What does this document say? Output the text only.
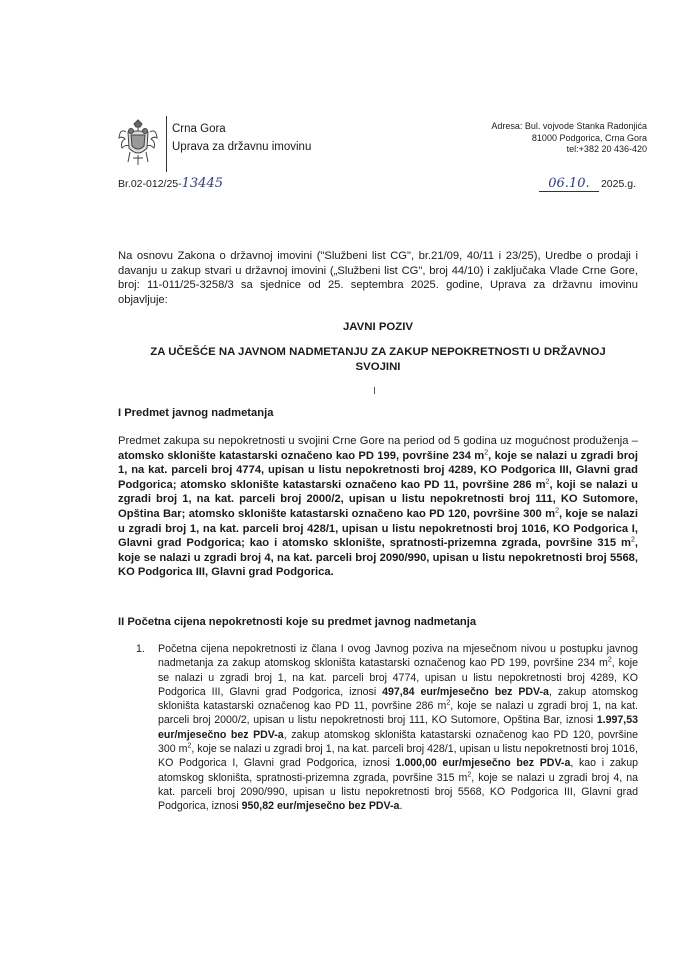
Crna Gora
Uprava za državnu imovinu
Adresa: Bul. vojvode Stanka Radonjića
81000 Podgorica, Crna Gora
tel:+382 20 436-420
Br.02-012/25-13445	06.10. 2025.g.
Na osnovu Zakona o državnoj imovini ("Službeni list CG", br.21/09, 40/11 i 23/25), Uredbe o prodaji i davanju u zakup stvari u državnoj imovini („Službeni list CG", broj 44/10) i zaključaka Vlade Crne Gore, broj: 11-011/25-3258/3 sa sjednice od 25. septembra 2025. godine, Uprava za državnu imovinu objavljuje:
JAVNI POZIV
ZA UČEŠĆE NA JAVNOM NADMETANJU ZA ZAKUP NEPOKRETNOSTI U DRŽAVNOJ
SVOJINI
I Predmet javnog nadmetanja
Predmet zakupa su nepokretnosti u svojini Crne Gore na period od 5 godina uz mogućnost produženja – atomsko sklonište katastarski označeno kao PD 199, površine 234 $m^2$, koje se nalazi u zgradi broj 1, na kat. parceli broj 4774, upisan u listu nepokretnosti broj 4289, KO Podgorica III, Glavni grad Podgorica; atomsko sklonište katastarski označeno kao PD 11, površine 286 $m^2$, koji se nalazi u zgradi broj 1, na kat. parceli broj 2000/2, upisan u listu nepokretnosti broj 111, KO Sutomore, Opština Bar; atomsko sklonište katastarski označeno kao PD 120, površine 300 $m^2$, koje se nalazi u zgradi broj 1, na kat. parceli broj 428/1, upisan u listu nepokretnosti broj 1016, KO Podgorica I, Glavni grad Podgorica; kao i atomsko sklonište, spratnosti-prizemna zgrada, površine 315 $m^2$, koje se nalazi u zgradi broj 4, na kat. parceli broj 2090/990, upisan u listu nepokretnosti broj 5568, KO Podgorica III, Glavni grad Podgorica.
II Početna cijena nepokretnosti koje su predmet javnog nadmetanja
1. Početna cijena nepokretnosti iz člana I ovog Javnog poziva na mjesečnom nivou u postupku javnog nadmetanja za zakup atomskog skloništa katastarski označenog kao PD 199, površine 234 $m^2$, koje se nalazi u zgradi broj 1, na kat. parceli broj 4774, upisan u listu nepokretnosti broj 4289, KO Podgorica III, Glavni grad Podgorica, iznosi 497,84 eur/mjesečno bez PDV-a, zakup atomskog skloništa katastarski označenog kao PD 11, površine 286 $m^2$, koje se nalazi u zgradi broj 1, na kat. parceli broj 2000/2, upisan u listu nepokretnosti broj 111, KO Sutomore, Opština Bar, iznosi 1.997,53 eur/mjesečno bez PDV-a, zakup atomskog skloništa katastarski označenog kao PD 120, površine 300 $m^2$, koje se nalazi u zgradi broj 1, na kat. parceli broj 428/1, upisan u listu nepokretnosti broj 1016, KO Podgorica I, Glavni grad Podgorica, iznosi 1.000,00 eur/mjesečno bez PDV-a, kao i zakup atomskog skloništa, spratnosti-prizemna zgrada, površine 315 $m^2$, koje se nalazi u zgradi broj 4, na kat. parceli broj 2090/990, upisan u listu nepokretnosti broj 5568, KO Podgorica III, Glavni grad Podgorica, iznosi 950,82 eur/mjesečno bez PDV-a.
